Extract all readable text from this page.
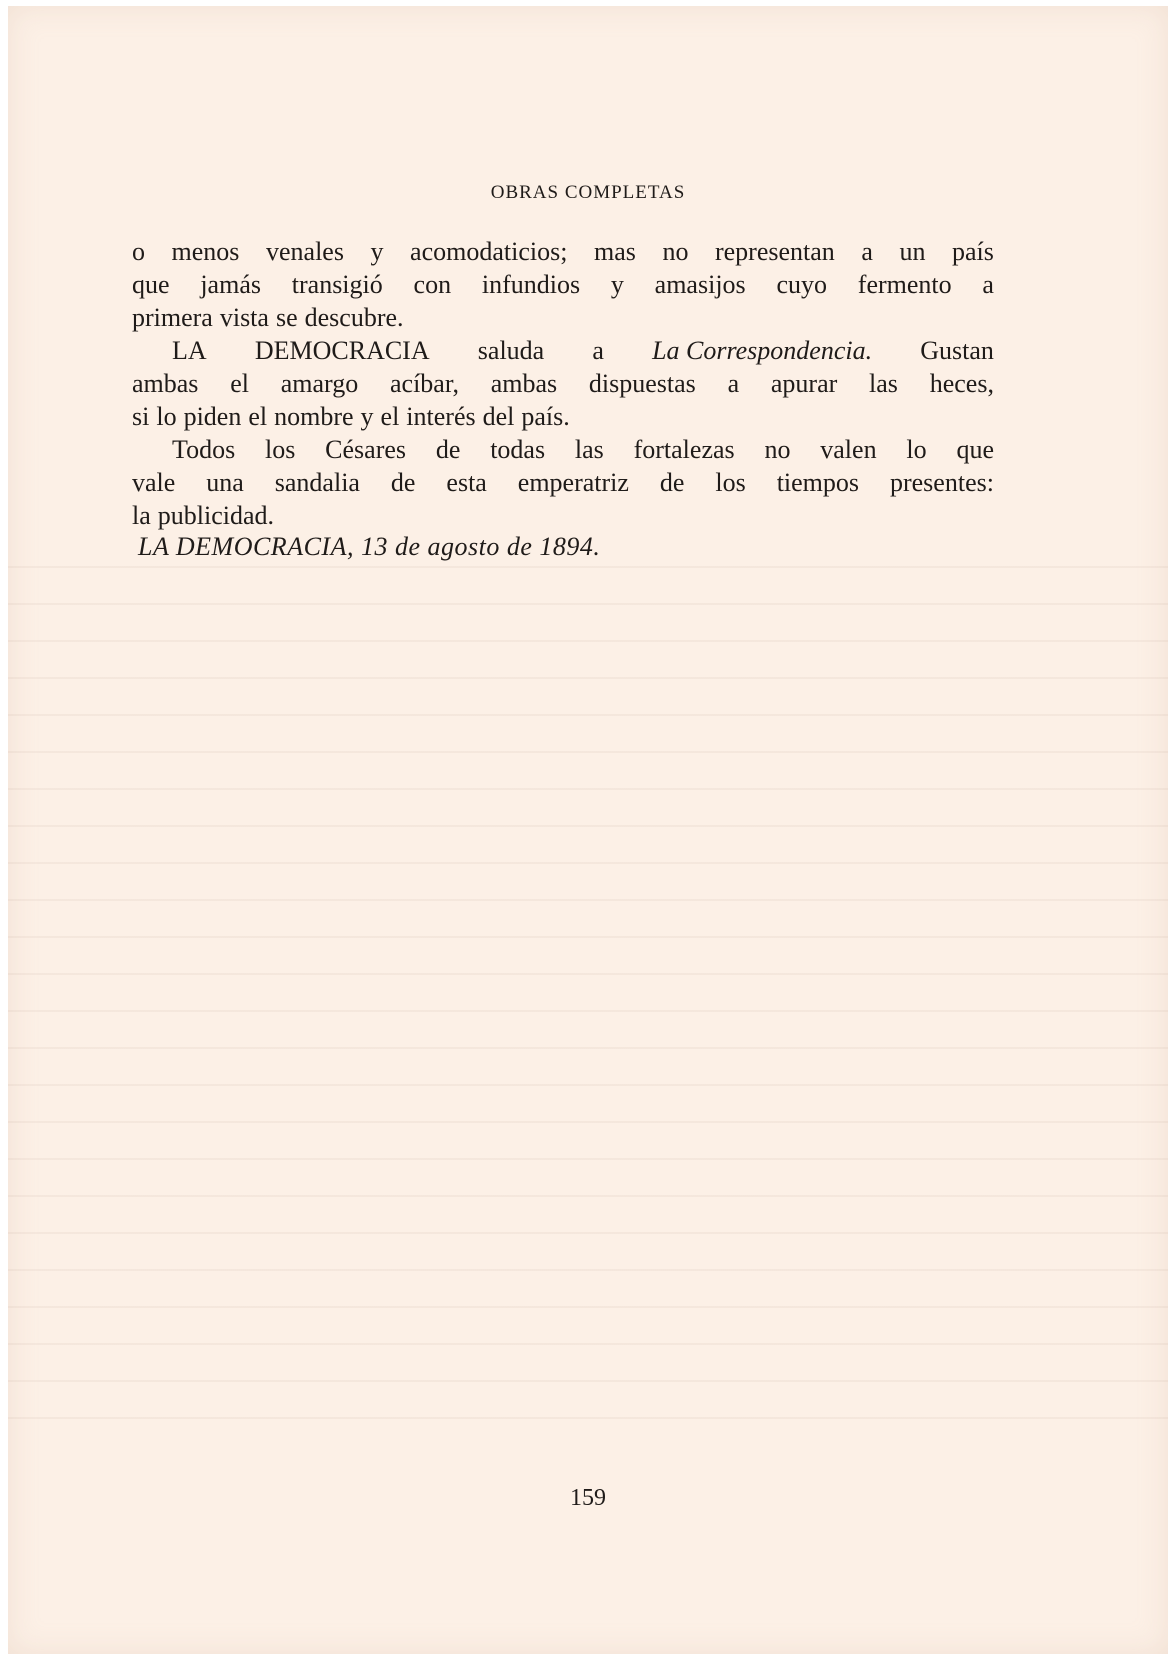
OBRAS COMPLETAS
o menos venales y acomodaticios; mas no representan a un país
que jamás transigió con infundios y amasijos cuyo fermento a
primera vista se descubre.
LA DEMOCRACIA saluda a La Correspondencia. Gustan
ambas el amargo acíbar, ambas dispuestas a apurar las heces,
si lo piden el nombre y el interés del país.
Todos los Césares de todas las fortalezas no valen lo que
vale una sandalia de esta emperatriz de los tiempos presentes:
la publicidad.
LA DEMOCRACIA, 13 de agosto de 1894.
159
